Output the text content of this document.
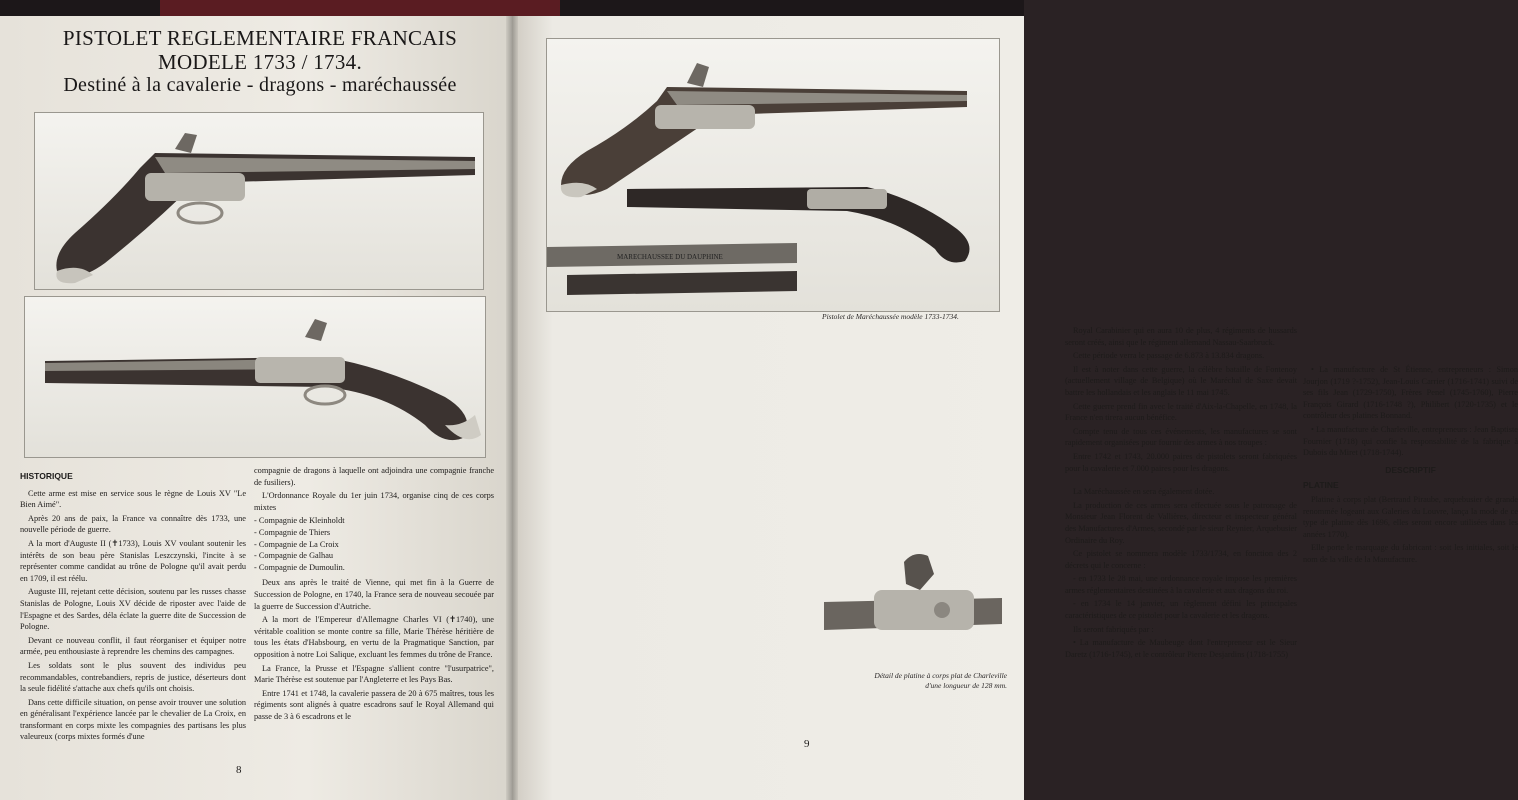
PISTOLET REGLEMENTAIRE FRANCAIS
MODELE 1733 / 1734.
Destiné à la cavalerie - dragons - maréchaussée

HISTORIQUE

Cette arme est mise en service sous le règne de Louis XV "Le Bien Aimé".

Après 20 ans de paix, la France va connaître dès 1733, une nouvelle période de guerre.

A la mort d'Auguste II (✝1733), Louis XV voulant soutenir les intérêts de son beau père Stanislas Leszczynski, l'incite à se représenter comme candidat au trône de Pologne qu'il avait perdu en 1709, il est réélu.

Auguste III, rejetant cette décision, soutenu par les russes chasse Stanislas de Pologne, Louis XV décide de riposter avec l'aide de l'Espagne et des Sardes, déla éclate la guerre dite de Succession de Pologne.

Devant ce nouveau conflit, il faut réorganiser et équiper notre armée, peu enthousiaste à reprendre les chemins des campagnes.

Les soldats sont le plus souvent des individus peu recommandables, contrebandiers, repris de justice, déserteurs dont la seule fidélité s'attache aux chefs qu'ils ont choisis.

Dans cette difficile situation, on pense avoir trouver une solution en généralisant l'expérience lancée par le chevalier de La Croix, en transformant en corps mixte les compagnies des partisans les plus valeureux (corps mixtes formés d'une

compagnie de dragons à laquelle ont adjoindra une compagnie franche de fusiliers).

L'Ordonnance Royale du 1er juin 1734, organise cinq de ces corps mixtes

- Compagnie de Kleinholdt

- Compagnie de Thiers

- Compagnie de La Croix

- Compagnie de Galhau

- Compagnie de Dumoulin.

Deux ans après le traité de Vienne, qui met fin à la Guerre de Succession de Pologne, en 1740, la France sera de nouveau secouée par la guerre de Succession d'Autriche.

A la mort de l'Empereur d'Allemagne Charles VI (✝1740), une véritable coalition se monte contre sa fille, Marie Thérèse héritière de tous les états d'Habsbourg, en vertu de la Pragmatique Sanction, par opposition à notre Loi Salique, excluant les femmes du trône de France.

La France, la Prusse et l'Espagne s'allient contre "l'usurpatrice", Marie Thérèse est soutenue par l'Angleterre et les Pays Bas.

Entre 1741 et 1748, la cavalerie passera de 20 à 675 maîtres, tous les régiments sont alignés à quatre escadrons sauf le Royal Allemand qui passe de 3 à 6 escadrons et le

8
MARECHAUSSEE DU DAUPHINE
Pistolet de Maréchaussée modèle 1733-1734.

Royal Carabinier qui en aura 10 de plus, 4 régiments de hussards seront créés, ainsi que le régiment allemand Nassau-Saarbruck.

Cette période verra le passage de 6.873 à 13.834 dragons.

Il est à noter dans cette guerre, la célèbre bataille de Fontenoy (actuellement village de Belgique) où le Maréchal de Saxe devait battre les hollandais et les anglais le 11 mai 1745.

Cette guerre prend fin avec le traité d'Aix-la-Chapelle, en 1748, la France n'en tirera aucun bénéfice.

Compte tenu de tous ces événements, les manufactures se sont rapidement organisées pour fournir des armes à nos troupes :

Entre 1742 et 1743, 20.000 paires de pistolets seront fabriquées pour la cavalerie et 7.000 paires pour les dragons.

La Maréchaussée en sera également dotée.

La production de ces armes sera effectuée sous le patronage de Monsieur Jean Florent de Vallières, directeur et inspecteur général des Manufactures d'Armes, secondé par le sieur Reynier, Arquebusier Ordinaire du Roy.

Ce pistolet se nommera modèle 1733/1734, en fonction des 2 décrets qui le concerne :

- en 1733 le 28 mai, une ordonnance royale impose les premières armes réglementaires destinées à la cavalerie et aux dragons du roi.

- en 1734 le 14 janvier, un règlement défini les principales caractéristiques de ce pistolet pour la cavalerie et les dragons.

Ils seront fabriqués par :

• La manufacture de Maubeuge dont l'entrepreneur est le Sieur Daretz (1716-1745), et le contrôleur Pierre Desjardins (1718-1755)

• La manufacture de St Étienne, entrepreneurs : Simon Jourjon (1719 ?-1752), Jean-Louis Carrier (1716-1741) suivi de ses fils Jean (1729-1750), Frères Penel (1745-1760), Pierre François Girard (1716-1748 ?), Philibert (1720-1735) et le contrôleur des platines Bonnand.

• La manufacture de Charleville, entrepreneurs : Jean Baptiste Fournier (1718) qui confie la responsabilité de la fabrique à Dubois du Miret (1718-1744).

DESCRIPTIF

PLATINE

Platine à corps plat (Bertrand Piraube, arquebusier de grande renommée logeant aux Galeries du Louvre, lança la mode de ce type de platine dès 1696, elles seront encore utilisées dans les années 1770).

Elle porte le marquage du fabricant : soit les initiales, soit le nom de la ville de la Manufacture.

Détail de platine à corps plat de Charleville
d'une longueur de 128 mm.
9
